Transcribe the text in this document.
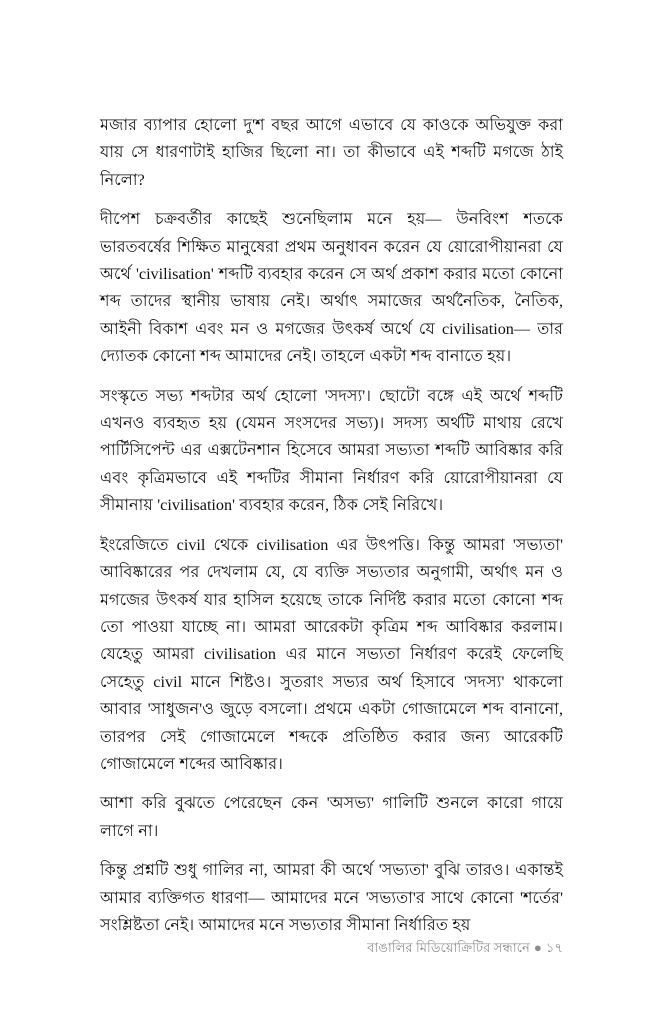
মজার ব্যাপার হোলো দু'শ বছর আগে এভাবে যে কাওকে অভিযুক্ত করা যায় সে ধারণাটাই হাজির ছিলো না। তা কীভাবে এই শব্দটি মগজে ঠাই নিলো?

দীপেশ চক্রবর্তীর কাছেই শুনেছিলাম মনে হয়— উনবিংশ শতকে ভারতবর্ষের শিক্ষিত মানুষেরা প্রথম অনুধাবন করেন যে য়োরোপীয়ানরা যে অর্থে 'civilisation' শব্দটি ব্যবহার করেন সে অর্থ প্রকাশ করার মতো কোনো শব্দ তাদের স্থানীয় ভাষায় নেই। অর্থাৎ সমাজের অর্থনৈতিক, নৈতিক, আইনী বিকাশ এবং মন ও মগজের উৎকর্ষ অর্থে যে civilisation— তার দ্যোতক কোনো শব্দ আমাদের নেই। তাহলে একটা শব্দ বানাতে হয়।

সংস্কৃতে সভ্য শব্দটার অর্থ হোলো 'সদস্য'। ছোটো বঙ্গে এই অর্থে শব্দটি এখনও ব্যবহৃত হয় (যেমন সংসদের সভ্য)। সদস্য অর্থটি মাথায় রেখে পার্টিসিপেন্ট এর এক্সটেনশান হিসেবে আমরা সভ্যতা শব্দটি আবিষ্কার করি এবং কৃত্রিমভাবে এই শব্দটির সীমানা নির্ধারণ করি য়োরোপীয়ানরা যে সীমানায় 'civilisation' ব্যবহার করেন, ঠিক সেই নিরিখে।

ইংরেজিতে civil থেকে civilisation এর উৎপত্তি। কিন্তু আমরা 'সভ্যতা' আবিষ্কারের পর দেখলাম যে, যে ব্যক্তি সভ্যতার অনুগামী, অর্থাৎ মন ও মগজের উৎকর্ষ যার হাসিল হয়েছে তাকে নির্দিষ্ট করার মতো কোনো শব্দ তো পাওয়া যাচ্ছে না। আমরা আরেকটা কৃত্রিম শব্দ আবিষ্কার করলাম। যেহেতু আমরা civilisation এর মানে সভ্যতা নির্ধারণ করেই ফেলেছি সেহেতু civil মানে শিষ্টও। সুতরাং সভ্যর অর্থ হিসাবে 'সদস্য' থাকলো আবার 'সাধুজন'ও জুড়ে বসলো। প্রথমে একটা গোজামেলে শব্দ বানানো, তারপর সেই গোজামেলে শব্দকে প্রতিষ্ঠিত করার জন্য আরেকটি গোজামেলে শব্দের আবিষ্কার।

আশা করি বুঝতে পেরেছেন কেন 'অসভ্য' গালিটি শুনলে কারো গায়ে লাগে না।

কিন্তু প্রশ্নটি শুধু গালির না, আমরা কী অর্থে 'সভ্যতা' বুঝি তারও। একান্তই আমার ব্যক্তিগত ধারণা— আমাদের মনে 'সভ্যতা'র সাথে কোনো 'শর্তের' সংশ্লিষ্টতা নেই। আমাদের মনে সভ্যতার সীমানা নির্ধারিত হয়

বাঙালির মিডিয়োক্রিটির সন্ধানে ● ১৭
